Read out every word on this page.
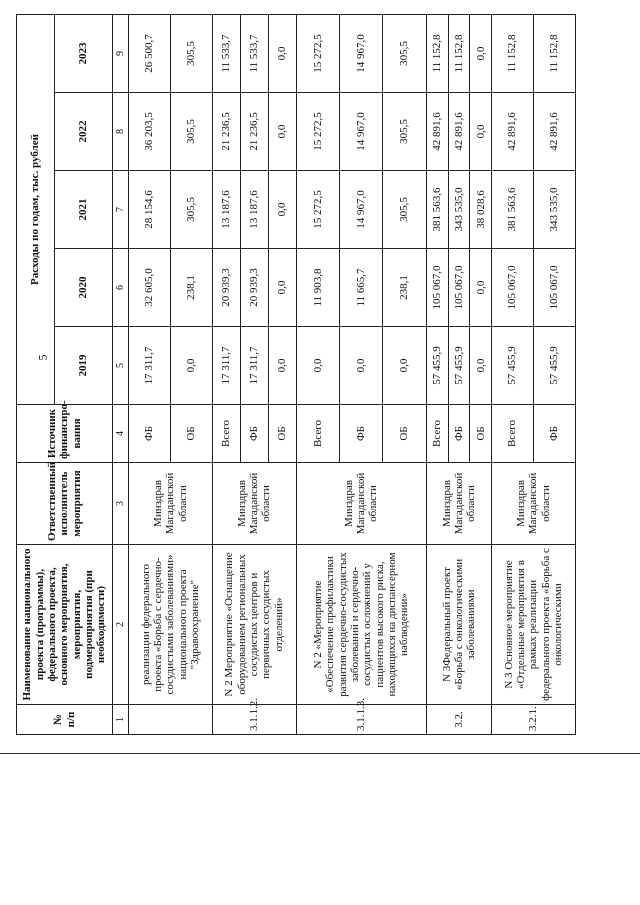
№ п/п	Наименование национального проекта (программы), федерального проекта, основного мероприятия, мероприятия, подмероприятия (при необходимости)	Ответственный исполнитель мероприятия	Источник финансиро-вания	Расходы по годам, тыс. рублей				
				2019	2020	2021	2022	2023
1	2	3	4	5	6	7	8	9
	реализации федерального проекта «Борьба с сердечно-сосудистыми заболеваниями» национального проекта "Здравоохранение"	Минздрав Магаданской области	ФБ	17 311,7	32 605,0	28 154,6	36 203,5	26 500,7
			ОБ	0,0	238,1	305,5	305,5	305,5
3.1.1.2.	N 2 Мероприятие «Оснащение оборудованием региональных сосудистых центров и первичных сосудистых отделений»	Минздрав Магаданской области	Всего	17 311,7	20 939,3	13 187,6	21 236,5	11 533,7
			ФБ	17 311,7	20 939,3	13 187,6	21 236,5	11 533,7
			ОБ	0,0	0,0	0,0	0,0	0,0
3.1.1.3.	N 2 «Мероприятие «Обеспечение профилактики развития сердечно-сосудистых заболеваний и сердечно-сосудистых осложнений у пациентов высокого риска, находящихся на диспансерном наблюдении»	Минздрав Магаданской области	Всего	0,0	11 903,8	15 272,5	15 272,5	15 272,5
			ФБ	0,0	11 665,7	14 967,0	14 967,0	14 967,0
			ОБ	0,0	238,1	305,5	305,5	305,5
3.2.	N 3Федеральный проект «Борьба с онкологическими заболеваниями	Минздрав Магаданской области	Всего	57 455,9	105 067,0	381 563,6	42 891,6	11 152,8
			ФБ	57 455,9	105 067,0	343 535,0	42 891,6	11 152,8
			ОБ	0,0	0,0	38 028,6	0,0	0,0
3.2.1.	N 3 Основное мероприятие «Отдельные мероприятия в рамках реализации федерального проекта «Борьба с онкологическими	Минздрав Магаданской области	Всего	57 455,9	105 067,0	381 563,6	42 891,6	11 152,8
			ФБ	57 455,9	105 067,0	343 535,0	42 891,6	11 152,8
5
